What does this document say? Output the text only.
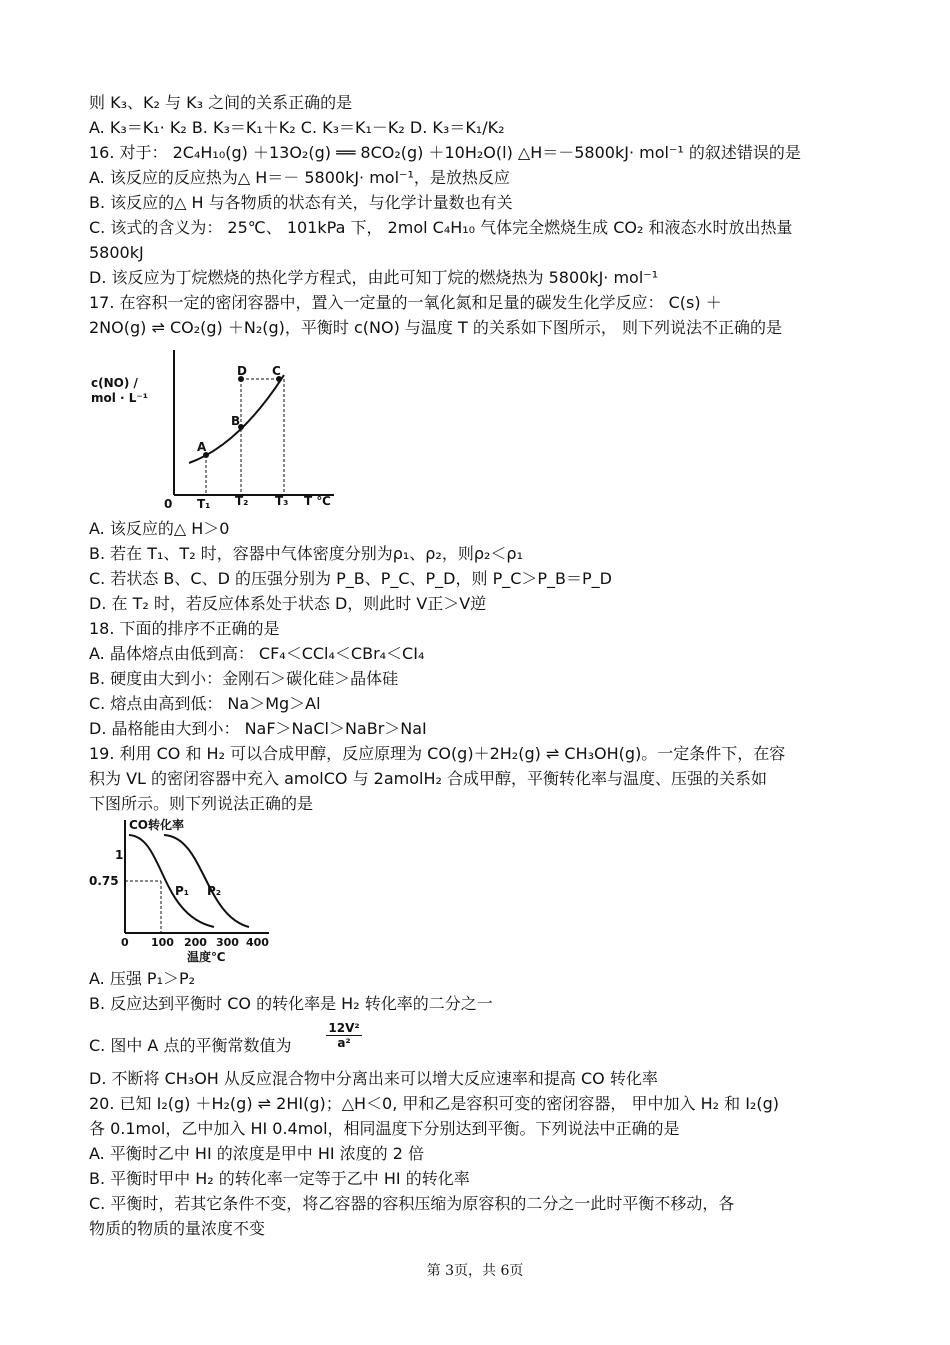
则 K₃、K₂ 与 K₃ 之间的关系正确的是
A. K₃＝K₁· K₂ B. K₃＝K₁＋K₂ C. K₃＝K₁－K₂ D. K₃＝K₁/K₂
16. 对于： 2C₄H₁₀(g) ＋13O₂(g) ══ 8CO₂(g) ＋10H₂O(l) △H＝－5800kJ· mol⁻¹ 的叙述错误的是
A. 该反应的反应热为△ H＝－ 5800kJ· mol⁻¹，是放热反应
B. 该反应的△ H 与各物质的状态有关，与化学计量数也有关
C. 该式的含义为： 25℃、 101kPa 下， 2mol C₄H₁₀ 气体完全燃烧生成 CO₂ 和液态水时放出热量
5800kJ
D. 该反应为丁烷燃烧的热化学方程式，由此可知丁烷的燃烧热为 5800kJ· mol⁻¹
17. 在容积一定的密闭容器中，置入一定量的一氧化氮和足量的碳发生化学反应： C(s) ＋
2NO(g) ⇌ CO₂(g) ＋N₂(g)，平衡时 c(NO) 与温度 T 的关系如下图所示， 则下列说法不正确的是
c(NO) /
mol · L⁻¹
A
B
D C
0 T₁ T₂ T₃ T ℃
A. 该反应的△ H＞0
B. 若在 T₁、T₂ 时，容器中气体密度分别为ρ₁、ρ₂，则ρ₂＜ρ₁
C. 若状态 B、C、D 的压强分别为 P_B、P_C、P_D，则 P_C＞P_B＝P_D
D. 在 T₂ 时，若反应体系处于状态 D，则此时 V正＞V逆
18. 下面的排序不正确的是
A. 晶体熔点由低到高： CF₄＜CCl₄＜CBr₄＜CI₄
B. 硬度由大到小：金刚石＞碳化硅＞晶体硅
C. 熔点由高到低： Na＞Mg＞Al
D. 晶格能由大到小： NaF＞NaCl＞NaBr＞NaI
19. 利用 CO 和 H₂ 可以合成甲醇，反应原理为 CO(g)＋2H₂(g) ⇌ CH₃OH(g)。一定条件下，在容
积为 VL 的密闭容器中充入 amolCO 与 2amolH₂ 合成甲醇，平衡转化率与温度、压强的关系如
下图所示。则下列说法正确的是
CO转化率
1
0.75
P₁ P₂
0 100 200 300 400
温度℃
A. 压强 P₁＞P₂
B. 反应达到平衡时 CO 的转化率是 H₂ 转化率的二分之一
C. 图中 A 点的平衡常数值为	$\frac{\text{12V²}}{\text{a²}}$
D. 不断将 CH₃OH 从反应混合物中分离出来可以增大反应速率和提高 CO 转化率
20. 已知 I₂(g) ＋H₂(g) ⇌ 2HI(g)；△H＜0, 甲和乙是容积可变的密闭容器， 甲中加入 H₂ 和 I₂(g)
各 0.1mol，乙中加入 HI 0.4mol，相同温度下分别达到平衡。下列说法中正确的是
A. 平衡时乙中 HI 的浓度是甲中 HI 浓度的 2 倍
B. 平衡时甲中 H₂ 的转化率一定等于乙中 HI 的转化率
C. 平衡时，若其它条件不变，将乙容器的容积压缩为原容积的二分之一此时平衡不移动，各
物质的物质的量浓度不变
第 3页，共 6页
